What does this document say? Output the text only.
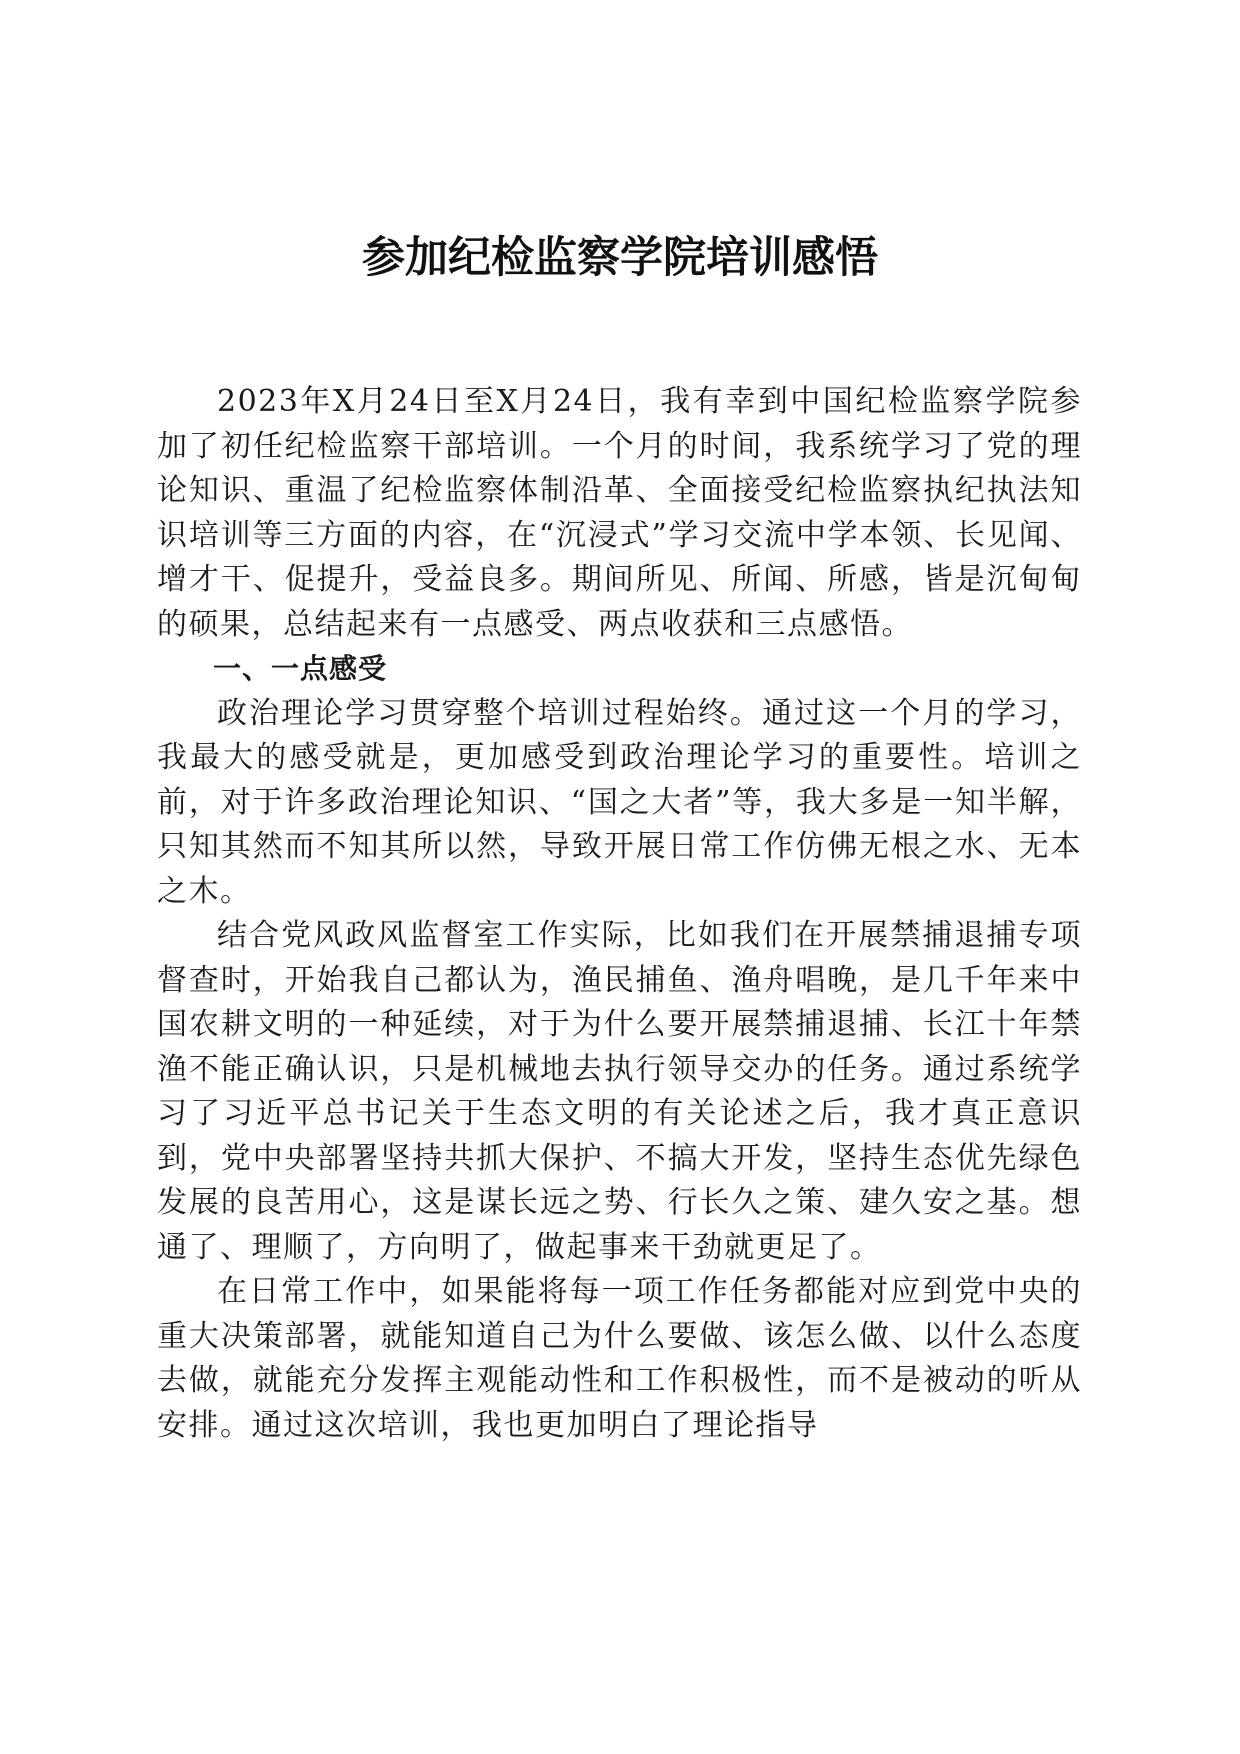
参加纪检监察学院培训感悟

2023年X月24日至X月24日，我有幸到中国纪检监察学院参加了初任纪检监察干部培训。一个月的时间，我系统学习了党的理论知识、重温了纪检监察体制沿革、全面接受纪检监察执纪执法知识培训等三方面的内容，在“沉浸式”学习交流中学本领、长见闻、增才干、促提升，受益良多。期间所见、所闻、所感，皆是沉甸甸的硕果，总结起来有一点感受、两点收获和三点感悟。

一、一点感受

政治理论学习贯穿整个培训过程始终。通过这一个月的学习，我最大的感受就是，更加感受到政治理论学习的重要性。培训之前，对于许多政治理论知识、“国之大者”等，我大多是一知半解，只知其然而不知其所以然，导致开展日常工作仿佛无根之水、无本之木。

结合党风政风监督室工作实际，比如我们在开展禁捕退捕专项督查时，开始我自己都认为，渔民捕鱼、渔舟唱晚，是几千年来中国农耕文明的一种延续，对于为什么要开展禁捕退捕、长江十年禁渔不能正确认识，只是机械地去执行领导交办的任务。通过系统学习了习近平总书记关于生态文明的有关论述之后，我才真正意识到，党中央部署坚持共抓大保护、不搞大开发，坚持生态优先绿色发展的良苦用心，这是谋长远之势、行长久之策、建久安之基。想通了、理顺了，方向明了，做起事来干劲就更足了。

在日常工作中，如果能将每一项工作任务都能对应到党中央的重大决策部署，就能知道自己为什么要做、该怎么做、以什么态度去做，就能充分发挥主观能动性和工作积极性，而不是被动的听从安排。通过这次培训，我也更加明白了理论指导
